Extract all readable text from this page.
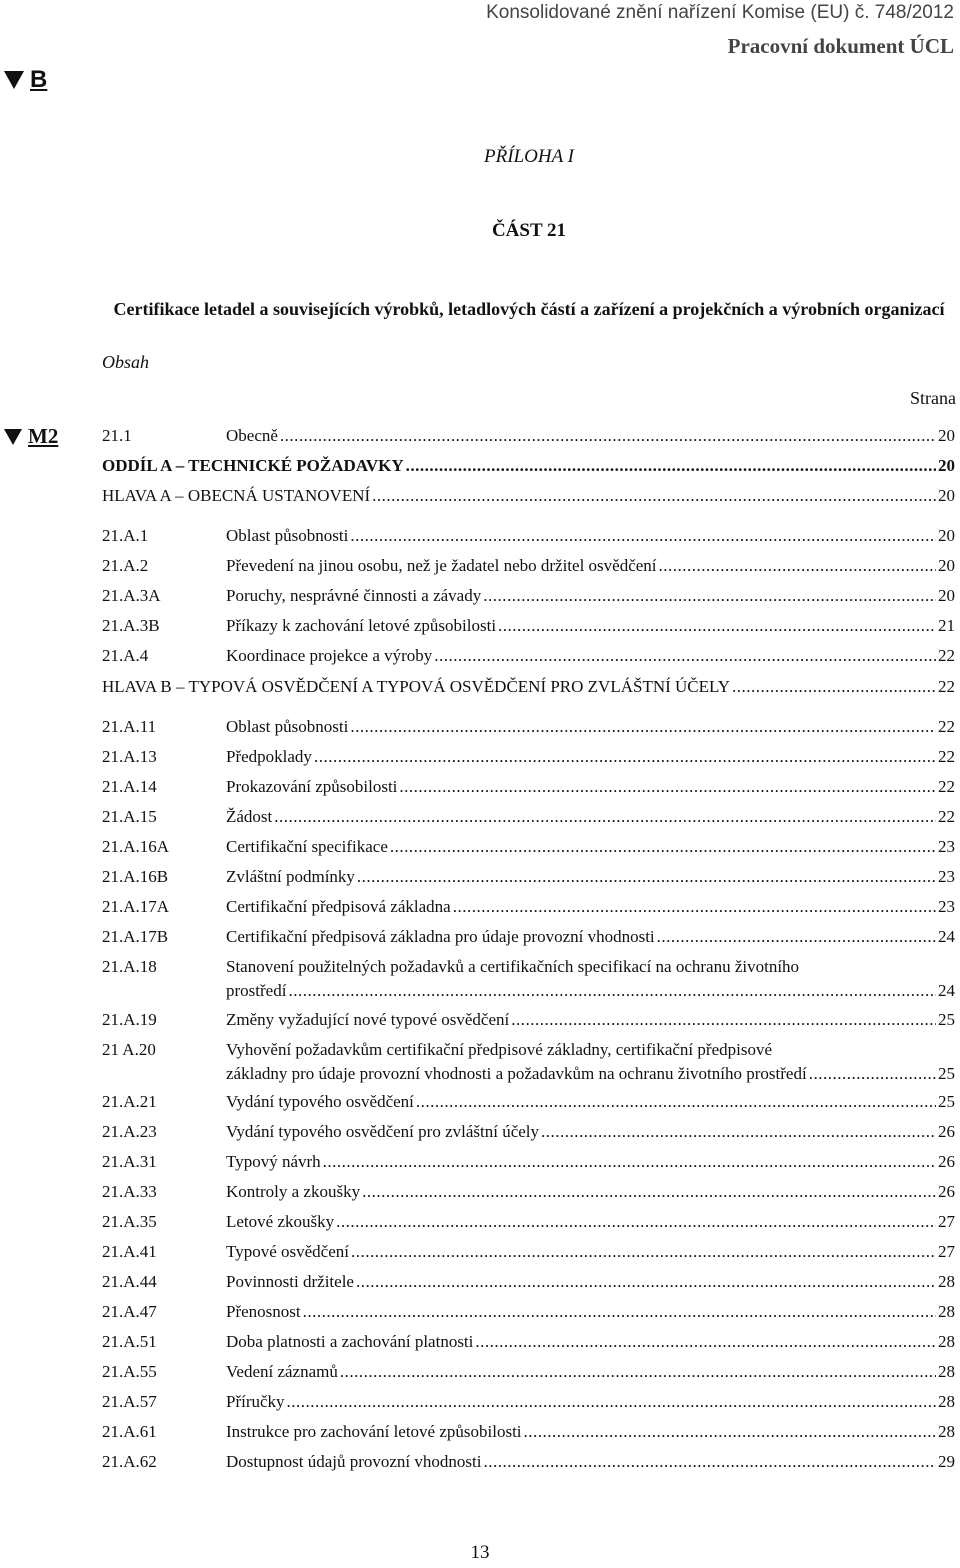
Konsolidované znění nařízení Komise (EU) č. 748/2012
Pracovní dokument ÚCL
B
M2
PŘÍLOHA I
ČÁST 21
Certifikace letadel a souvisejících výrobků, letadlových částí a zařízení a projekčních a výrobních organizací
Obsah
Strana
21.1	Obecně .....	20
ODDÍL A – TECHNICKÉ POŽADAVKY .....	20
HLAVA A – OBECNÁ USTANOVENÍ .....	20
21.A.1	Oblast působnosti .....	20
21.A.2	Převedení na jinou osobu, než je žadatel nebo držitel osvědčení .....	20
21.A.3A	Poruchy, nesprávné činnosti a závady .....	20
21.A.3B	Příkazy k zachování letové způsobilosti .....	21
21.A.4	Koordinace projekce a výroby .....	22
HLAVA B – TYPOVÁ OSVĚDČENÍ A TYPOVÁ OSVĚDČENÍ PRO ZVLÁŠTNÍ ÚČELY .....	22
21.A.11	Oblast působnosti .....	22
21.A.13	Předpoklady .....	22
21.A.14	Prokazování způsobilosti .....	22
21.A.15	Žádost .....	22
21.A.16A	Certifikační specifikace .....	23
21.A.16B	Zvláštní podmínky .....	23
21.A.17A	Certifikační předpisová základna .....	23
21.A.17B	Certifikační předpisová základna pro údaje provozní vhodnosti .....	24
21.A.18	Stanovení použitelných požadavků a certifikačních specifikací na ochranu životního
prostředí .....	24
21.A.19	Změny vyžadující nové typové osvědčení .....	25
21 A.20	Vyhovění požadavkům certifikační předpisové základny, certifikační předpisové
základny pro údaje provozní vhodnosti a požadavkům na ochranu životního prostředí .....	25
21.A.21	Vydání typového osvědčení .....	25
21.A.23	Vydání typového osvědčení pro zvláštní účely .....	26
21.A.31	Typový návrh .....	26
21.A.33	Kontroly a zkoušky .....	26
21.A.35	Letové zkoušky .....	27
21.A.41	Typové osvědčení .....	27
21.A.44	Povinnosti držitele .....	28
21.A.47	Přenosnost .....	28
21.A.51	Doba platnosti a zachování platnosti .....	28
21.A.55	Vedení záznamů .....	28
21.A.57	Příručky .....	28
21.A.61	Instrukce pro zachování letové způsobilosti .....	28
21.A.62	Dostupnost údajů provozní vhodnosti .....	29
13
